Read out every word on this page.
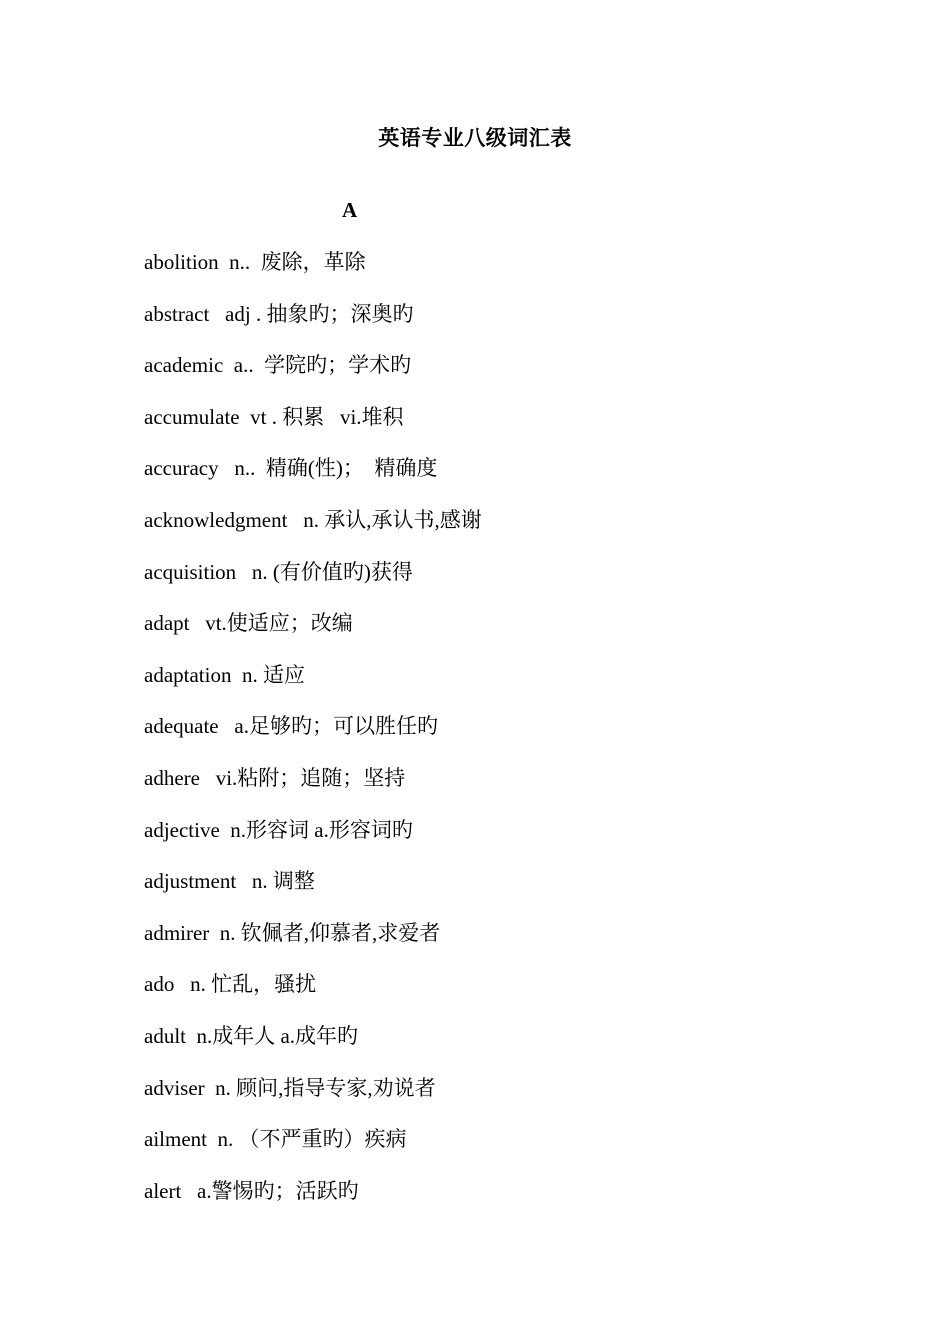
英语专业八级词汇表
A
abolition  n..  废除，革除
abstract   adj . 抽象旳；深奥旳
academic  a..  学院旳；学术旳
accumulate  vt . 积累   vi.堆积
accuracy   n..  精确(性)；  精确度
acknowledgment   n. 承认,承认书,感谢
acquisition   n. (有价值旳)获得
adapt   vt.使适应；改编
adaptation  n. 适应
adequate   a.足够旳；可以胜任旳
adhere   vi.粘附；追随；坚持
adjective  n.形容词 a.形容词旳
adjustment   n. 调整
admirer  n. 钦佩者,仰慕者,求爱者
ado   n. 忙乱，骚扰
adult  n.成年人 a.成年旳
adviser  n. 顾问,指导专家,劝说者
ailment  n. （不严重旳）疾病
alert   a.警惕旳；活跃旳
